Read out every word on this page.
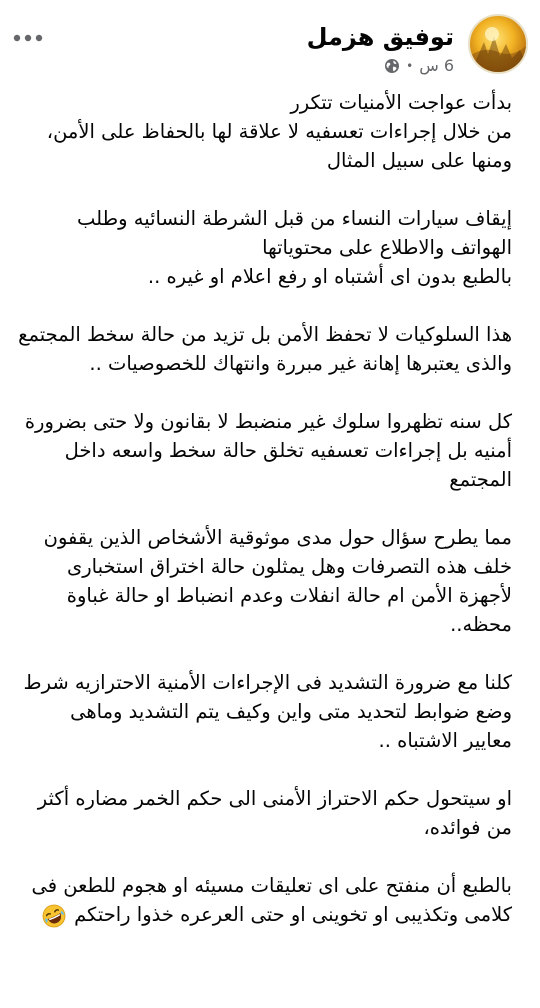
توفيق هزمل
6 س
•

بدأت عواجت الأمنيات تتكرر
من خلال إجراءات تعسفيه لا علاقة لها بالحفاظ على الأمن،
ومنها على سبيل المثال

إيقاف سيارات النساء من قبل الشرطة النسائيه وطلب الهواتف والاطلاع على محتوياتها
بالطبع بدون اى أشتباه او رفع اعلام او غيره ..

هذا السلوكيات لا تحفظ الأمن بل تزيد من حالة سخط المجتمع والذى يعتبرها إهانة غير مبررة وانتهاك للخصوصيات ..

كل سنه تظهروا سلوك غير منضبط لا بقانون ولا حتى بضرورة أمنيه بل إجراءات تعسفيه تخلق حالة سخط واسعه داخل المجتمع

مما يطرح سؤال حول مدى موثوقية الأشخاص الذين يقفون خلف هذه التصرفات وهل يمثلون حالة اختراق استخبارى لأجهزة الأمن ام حالة انفلات وعدم انضباط او حالة غباوة محظه..

كلنا مع ضرورة التشديد فى الإجراءات الأمنية الاحترازيه شرط وضع ضوابط لتحديد متى واين وكيف يتم التشديد وماهى معايير الاشتباه ..

او سيتحول حكم الاحتراز الأمنى الى حكم الخمر مضاره أكثر من فوائده،

بالطبع أن منفتح على اى تعليقات مسيئه او هجوم للطعن فى كلامى وتكذيبى او تخوينى او حتى العرعره خذوا راحتكم
